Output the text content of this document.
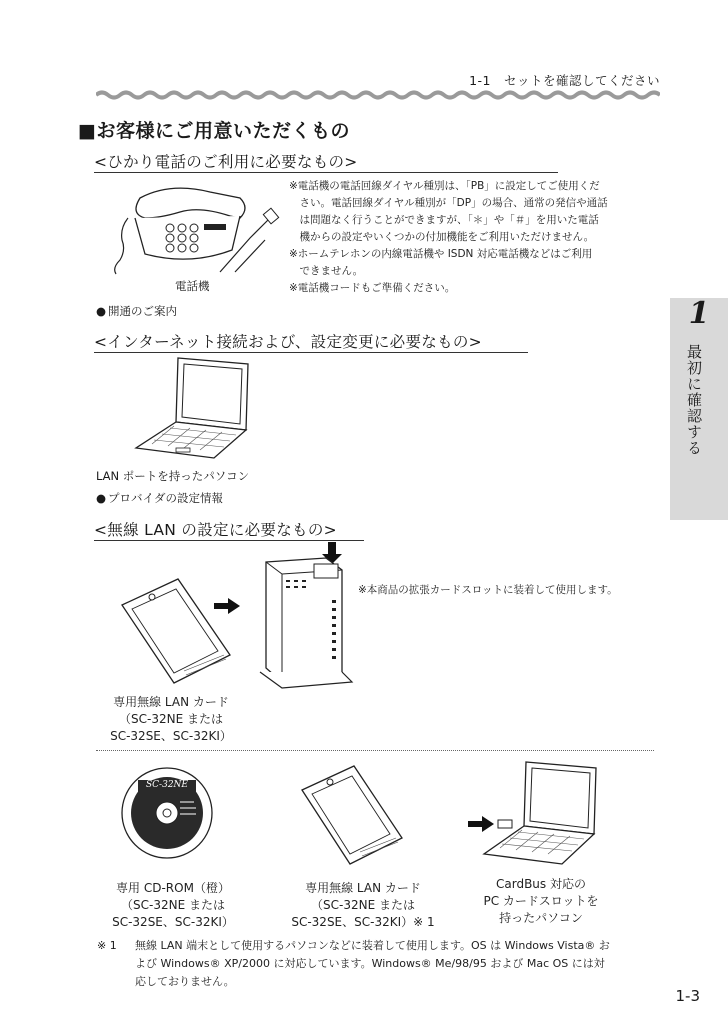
1-1　セットを確認してください
■お客様にご用意いただくもの
<ひかり電話のご利用に必要なもの>
電話機
※電話機の電話回線ダイヤル種別は、「PB」に設定してご使用くだ
　さい。電話回線ダイヤル種別が「DP」の場合、通常の発信や通話
　は問題なく行うことができますが、「＊」や「＃」を用いた電話
　機からの設定やいくつかの付加機能をご利用いただけません。
※ホームテレホンの内線電話機や ISDN 対応電話機などはご利用
　できません。
※電話機コードもご準備ください。
● 開通のご案内
<インターネット接続および、設定変更に必要なもの>
LAN ポートを持ったパソコン
● プロバイダの設定情報
<無線 LAN の設定に必要なもの>
※本商品の拡張カードスロットに装着して使用します。
専用無線 LAN カード
（SC-32NE または
SC-32SE、SC-32KI）
SC-32NE
専用 CD-ROM（橙）
（SC-32NE または
SC-32SE、SC-32KI）
専用無線 LAN カード
（SC-32NE または
SC-32SE、SC-32KI）※ 1
CardBus 対応の
PC カードスロットを
持ったパソコン
※ 1 無線 LAN 端末として使用するパソコンなどに装着して使用します。OS は Windows Vista® お
よび Windows® XP/2000 に対応しています。Windows® Me/98/95 および Mac OS には対
応しておりません。
1
最初に確認する
1-3
